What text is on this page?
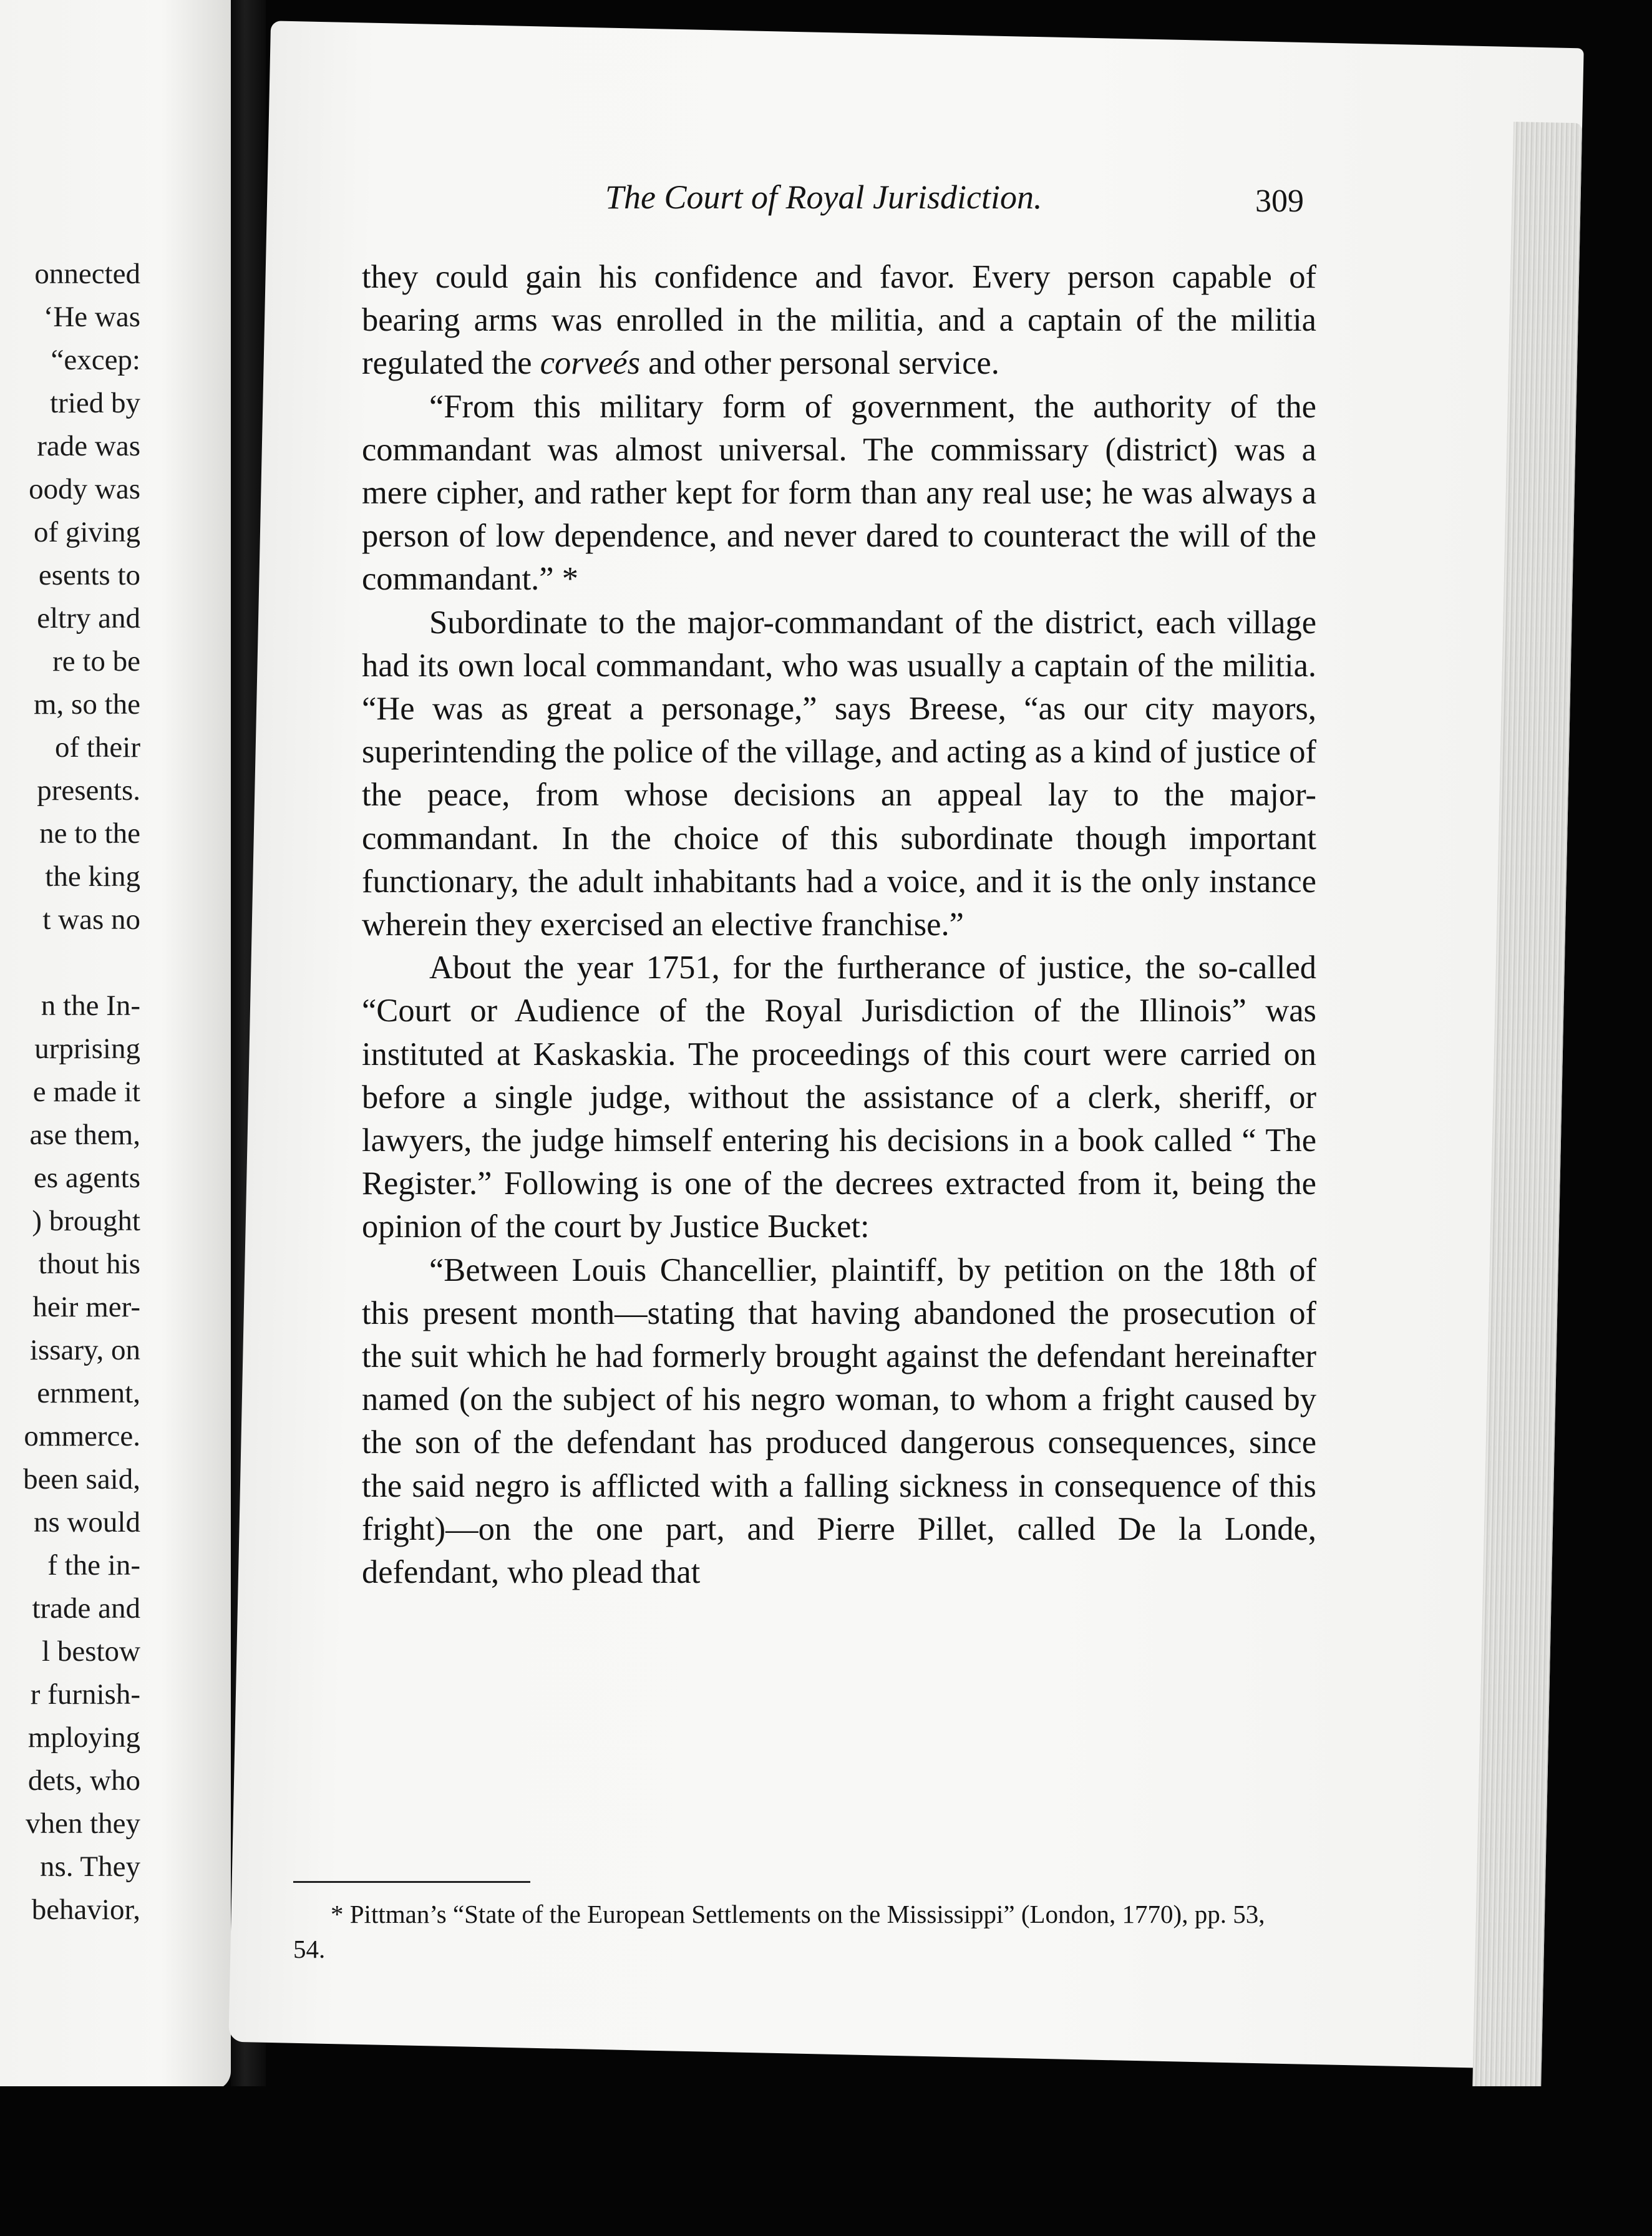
onnected
‘He was
“excep:
tried by
rade was
oody was
of giving
esents to
eltry and
re to be
m, so the
of their
presents.
ne to the
the king
t was no
n the In-
urprising
e made it
ase them,
es agents
) brought
thout his
heir mer-
issary, on
ernment,
ommerce.
been said,
ns would
f the in-
trade and
l bestow
r furnish-
mploying
dets, who
vhen they
ns. They
behavior,
The Court of Royal Jurisdiction.	309

they could gain his confidence and favor. Every person capable of bearing arms was enrolled in the militia, and a captain of the militia regulated the corveés and other personal service.

“From this military form of government, the authority of the commandant was almost universal. The commissary (district) was a mere cipher, and rather kept for form than any real use; he was always a person of low dependence, and never dared to counteract the will of the commandant.” *

Subordinate to the major-commandant of the district, each village had its own local commandant, who was usually a captain of the militia. “He was as great a personage,” says Breese, “as our city mayors, superintending the police of the village, and acting as a kind of justice of the peace, from whose decisions an appeal lay to the major-commandant. In the choice of this subordinate though important functionary, the adult inhabitants had a voice, and it is the only instance wherein they exercised an elective franchise.”

About the year 1751, for the furtherance of justice, the so-called “Court or Audience of the Royal Jurisdiction of the Illinois” was instituted at Kaskaskia. The proceedings of this court were carried on before a single judge, without the assistance of a clerk, sheriff, or lawyers, the judge himself entering his decisions in a book called “ The Register.” Following is one of the decrees extracted from it, being the opinion of the court by Justice Bucket:

“Between Louis Chancellier, plaintiff, by petition on the 18th of this present month—stating that having abandoned the prosecution of the suit which he had formerly brought against the defendant hereinafter named (on the subject of his negro woman, to whom a fright caused by the son of the defendant has produced dangerous consequences, since the said negro is afflicted with a falling sickness in consequence of this fright)—on the one part, and Pierre Pillet, called De la Londe, defendant, who plead that

* Pittman’s “State of the European Settlements on the Mississippi” (London, 1770), pp. 53, 54.
